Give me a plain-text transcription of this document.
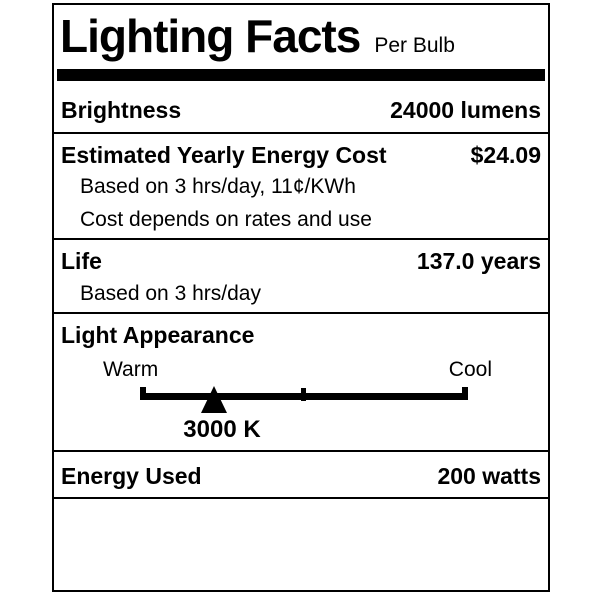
Lighting Facts Per Bulb
Brightness	24000 lumens
Estimated Yearly Energy Cost	$24.09
Based on 3 hrs/day, 11¢/KWh
Cost depends on rates and use
Life	137.0 years
Based on 3 hrs/day
Light Appearance
Warm	Cool
3000 K
Energy Used	200 watts
